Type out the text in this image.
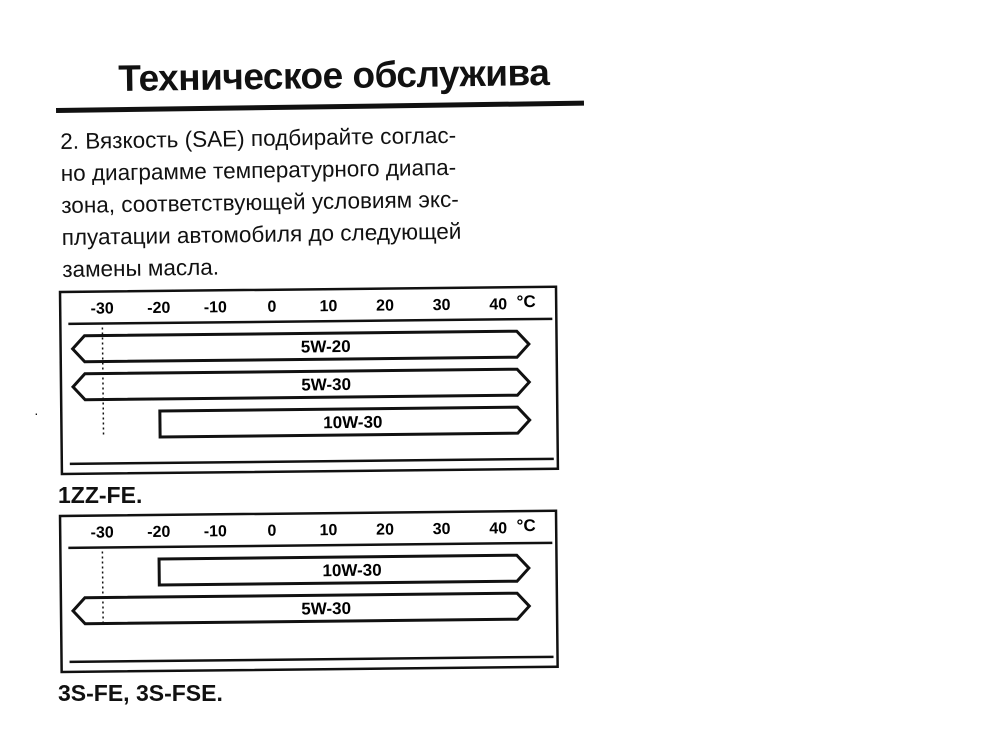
Техническое обслужива
2. Вязкость (SAE) подбирайте соглас-
но диаграмме температурного диапа-
зона, соответствующей условиям экс-
плуатации автомобиля до следующей
замены масла.
-30 -20 -10	0	10 20 30 40 °C
5W-20
5W-30
10W-30
1ZZ-FE.
-30 -20 -10	0	10 20 30 40 °C
10W-30
5W-30
3S-FE, 3S-FSE.
·
